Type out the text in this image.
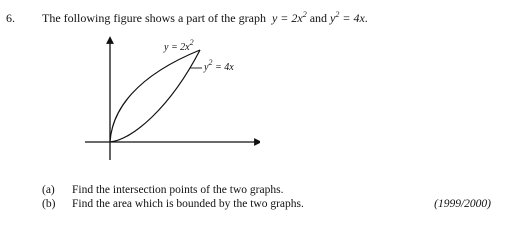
6. The following figure shows a part of the graph $y = 2x^2$ and $y^2 = 4x$.
$y = 2x^2$
$y^2 = 4x$
(a) Find the intersection points of the two graphs.
(b) Find the area which is bounded by the two graphs.	(1999/2000)
